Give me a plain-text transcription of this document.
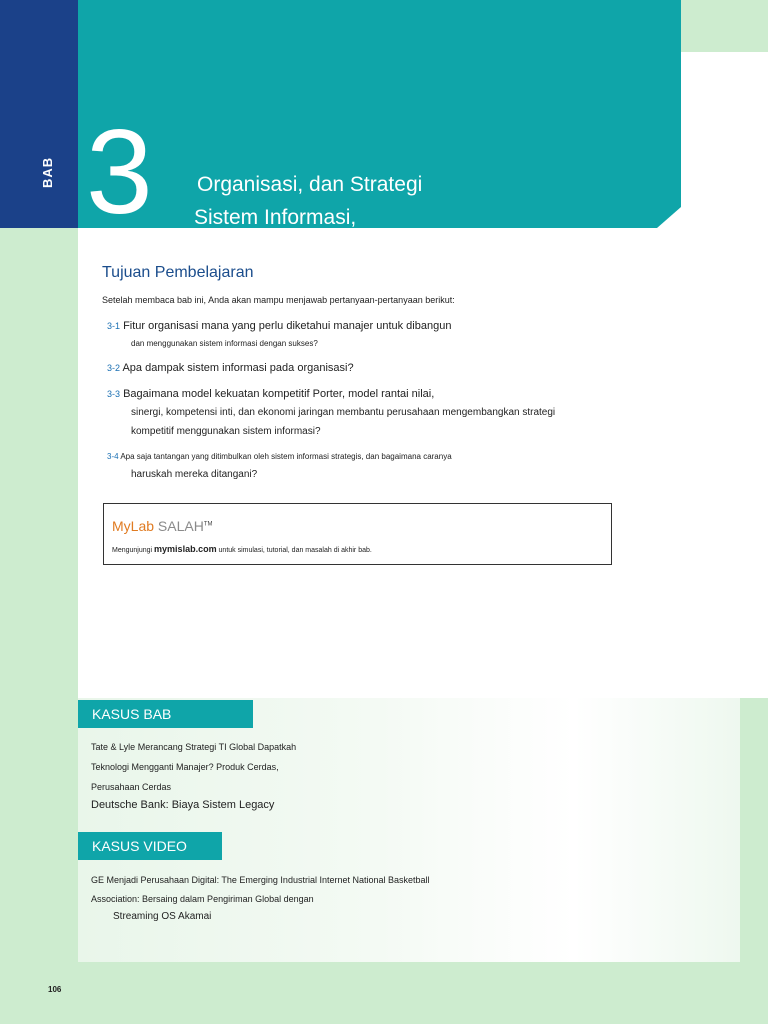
BAB 3 Organisasi, dan Strategi
Sistem Informasi,
Tujuan Pembelajaran
Setelah membaca bab ini, Anda akan mampu menjawab pertanyaan-pertanyaan berikut:
3-1 Fitur organisasi mana yang perlu diketahui manajer untuk dibangun
dan menggunakan sistem informasi dengan sukses?
3-2 Apa dampak sistem informasi pada organisasi?
3-3 Bagaimana model kekuatan kompetitif Porter, model rantai nilai,
sinergi, kompetensi inti, dan ekonomi jaringan membantu perusahaan mengembangkan strategi
kompetitif menggunakan sistem informasi?
3-4 Apa saja tantangan yang ditimbulkan oleh sistem informasi strategis, dan bagaimana caranya
haruskah mereka ditangani?
MyLab SALAH™
Mengunjungi mymislab.com untuk simulasi, tutorial, dan masalah di akhir bab.
KASUS BAB
Tate & Lyle Merancang Strategi TI Global Dapatkah
Teknologi Mengganti Manajer? Produk Cerdas,
Perusahaan Cerdas
Deutsche Bank: Biaya Sistem Legacy
KASUS VIDEO
GE Menjadi Perusahaan Digital: The Emerging Industrial Internet National Basketball
Association: Bersaing dalam Pengiriman Global dengan
Streaming OS Akamai
106
